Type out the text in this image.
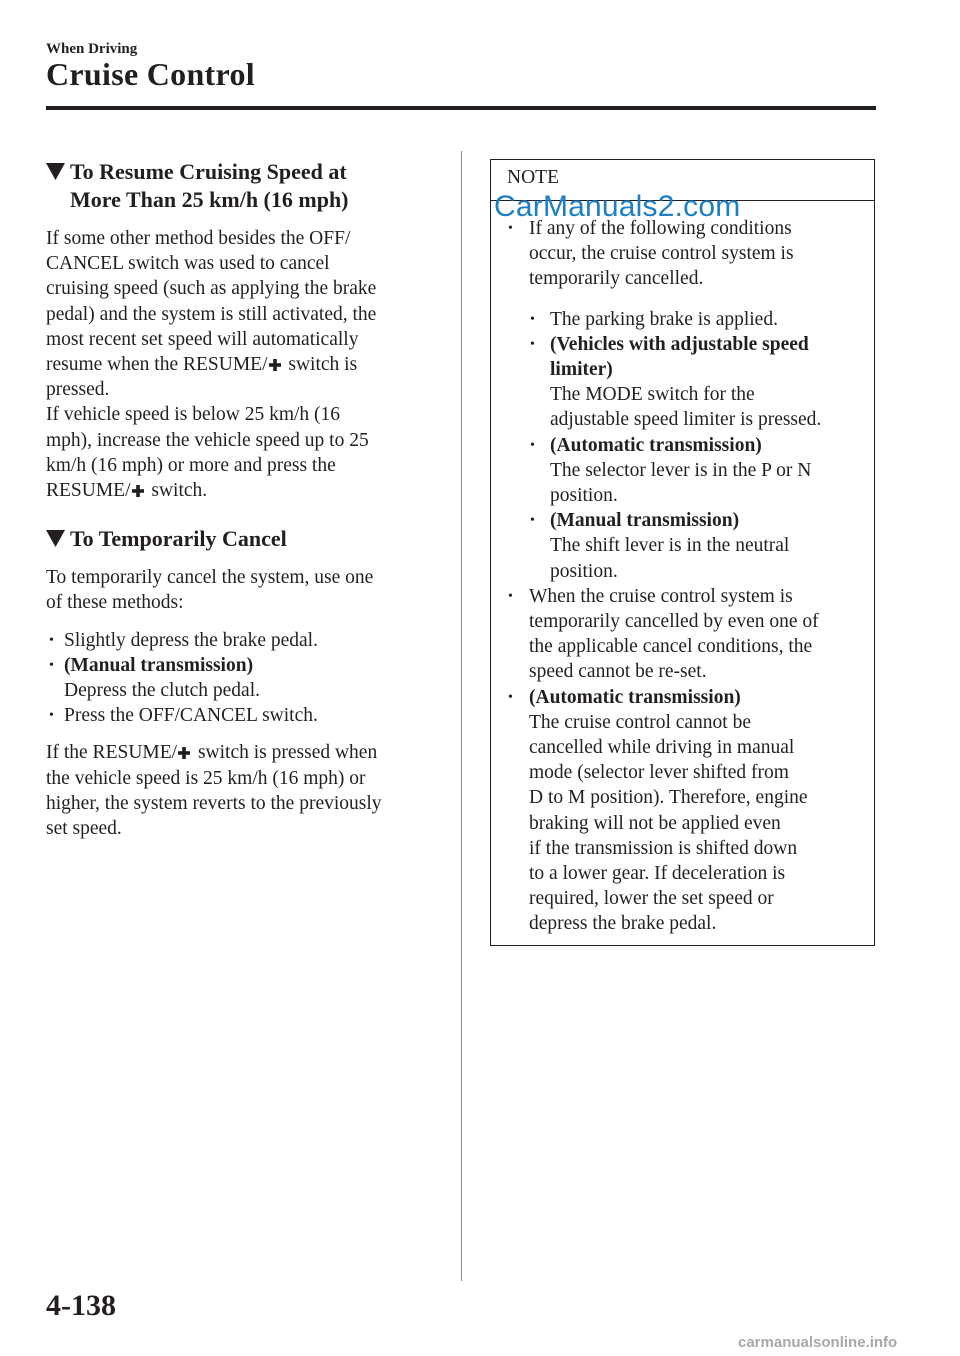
When Driving
Cruise Control
To Resume Cruising Speed at
More Than 25 km/h (16 mph)

If some other method besides the OFF/
CANCEL switch was used to cancel
cruising speed (such as applying the brake
pedal) and the system is still activated, the
most recent set speed will automatically
resume when the RESUME/ switch is
pressed.

If vehicle speed is below 25 km/h (16
mph), increase the vehicle speed up to 25
km/h (16 mph) or more and press the
RESUME/ switch.

To Temporarily Cancel

To temporarily cancel the system, use one
of these methods:

• Slightly depress the brake pedal.
• (Manual transmission)
Depress the clutch pedal.
• Press the OFF/CANCEL switch.

If the RESUME/ switch is pressed when
the vehicle speed is 25 km/h (16 mph) or
higher, the system reverts to the previously
set speed.

NOTE
• If any of the following conditions
occur, the cruise control system is
temporarily cancelled.
• The parking brake is applied.
• (Vehicles with adjustable speed
limiter)
The MODE switch for the
adjustable speed limiter is pressed.
• (Automatic transmission)
The selector lever is in the P or N
position.
• (Manual transmission)
The shift lever is in the neutral
position.
• When the cruise control system is
temporarily cancelled by even one of
the applicable cancel conditions, the
speed cannot be re-set.
• (Automatic transmission)
The cruise control cannot be
cancelled while driving in manual
mode (selector lever shifted from
D to M position). Therefore, engine
braking will not be applied even
if the transmission is shifted down
to a lower gear. If deceleration is
required, lower the set speed or
depress the brake pedal.
CarManuals2.com
4-138
carmanualsonline.info
